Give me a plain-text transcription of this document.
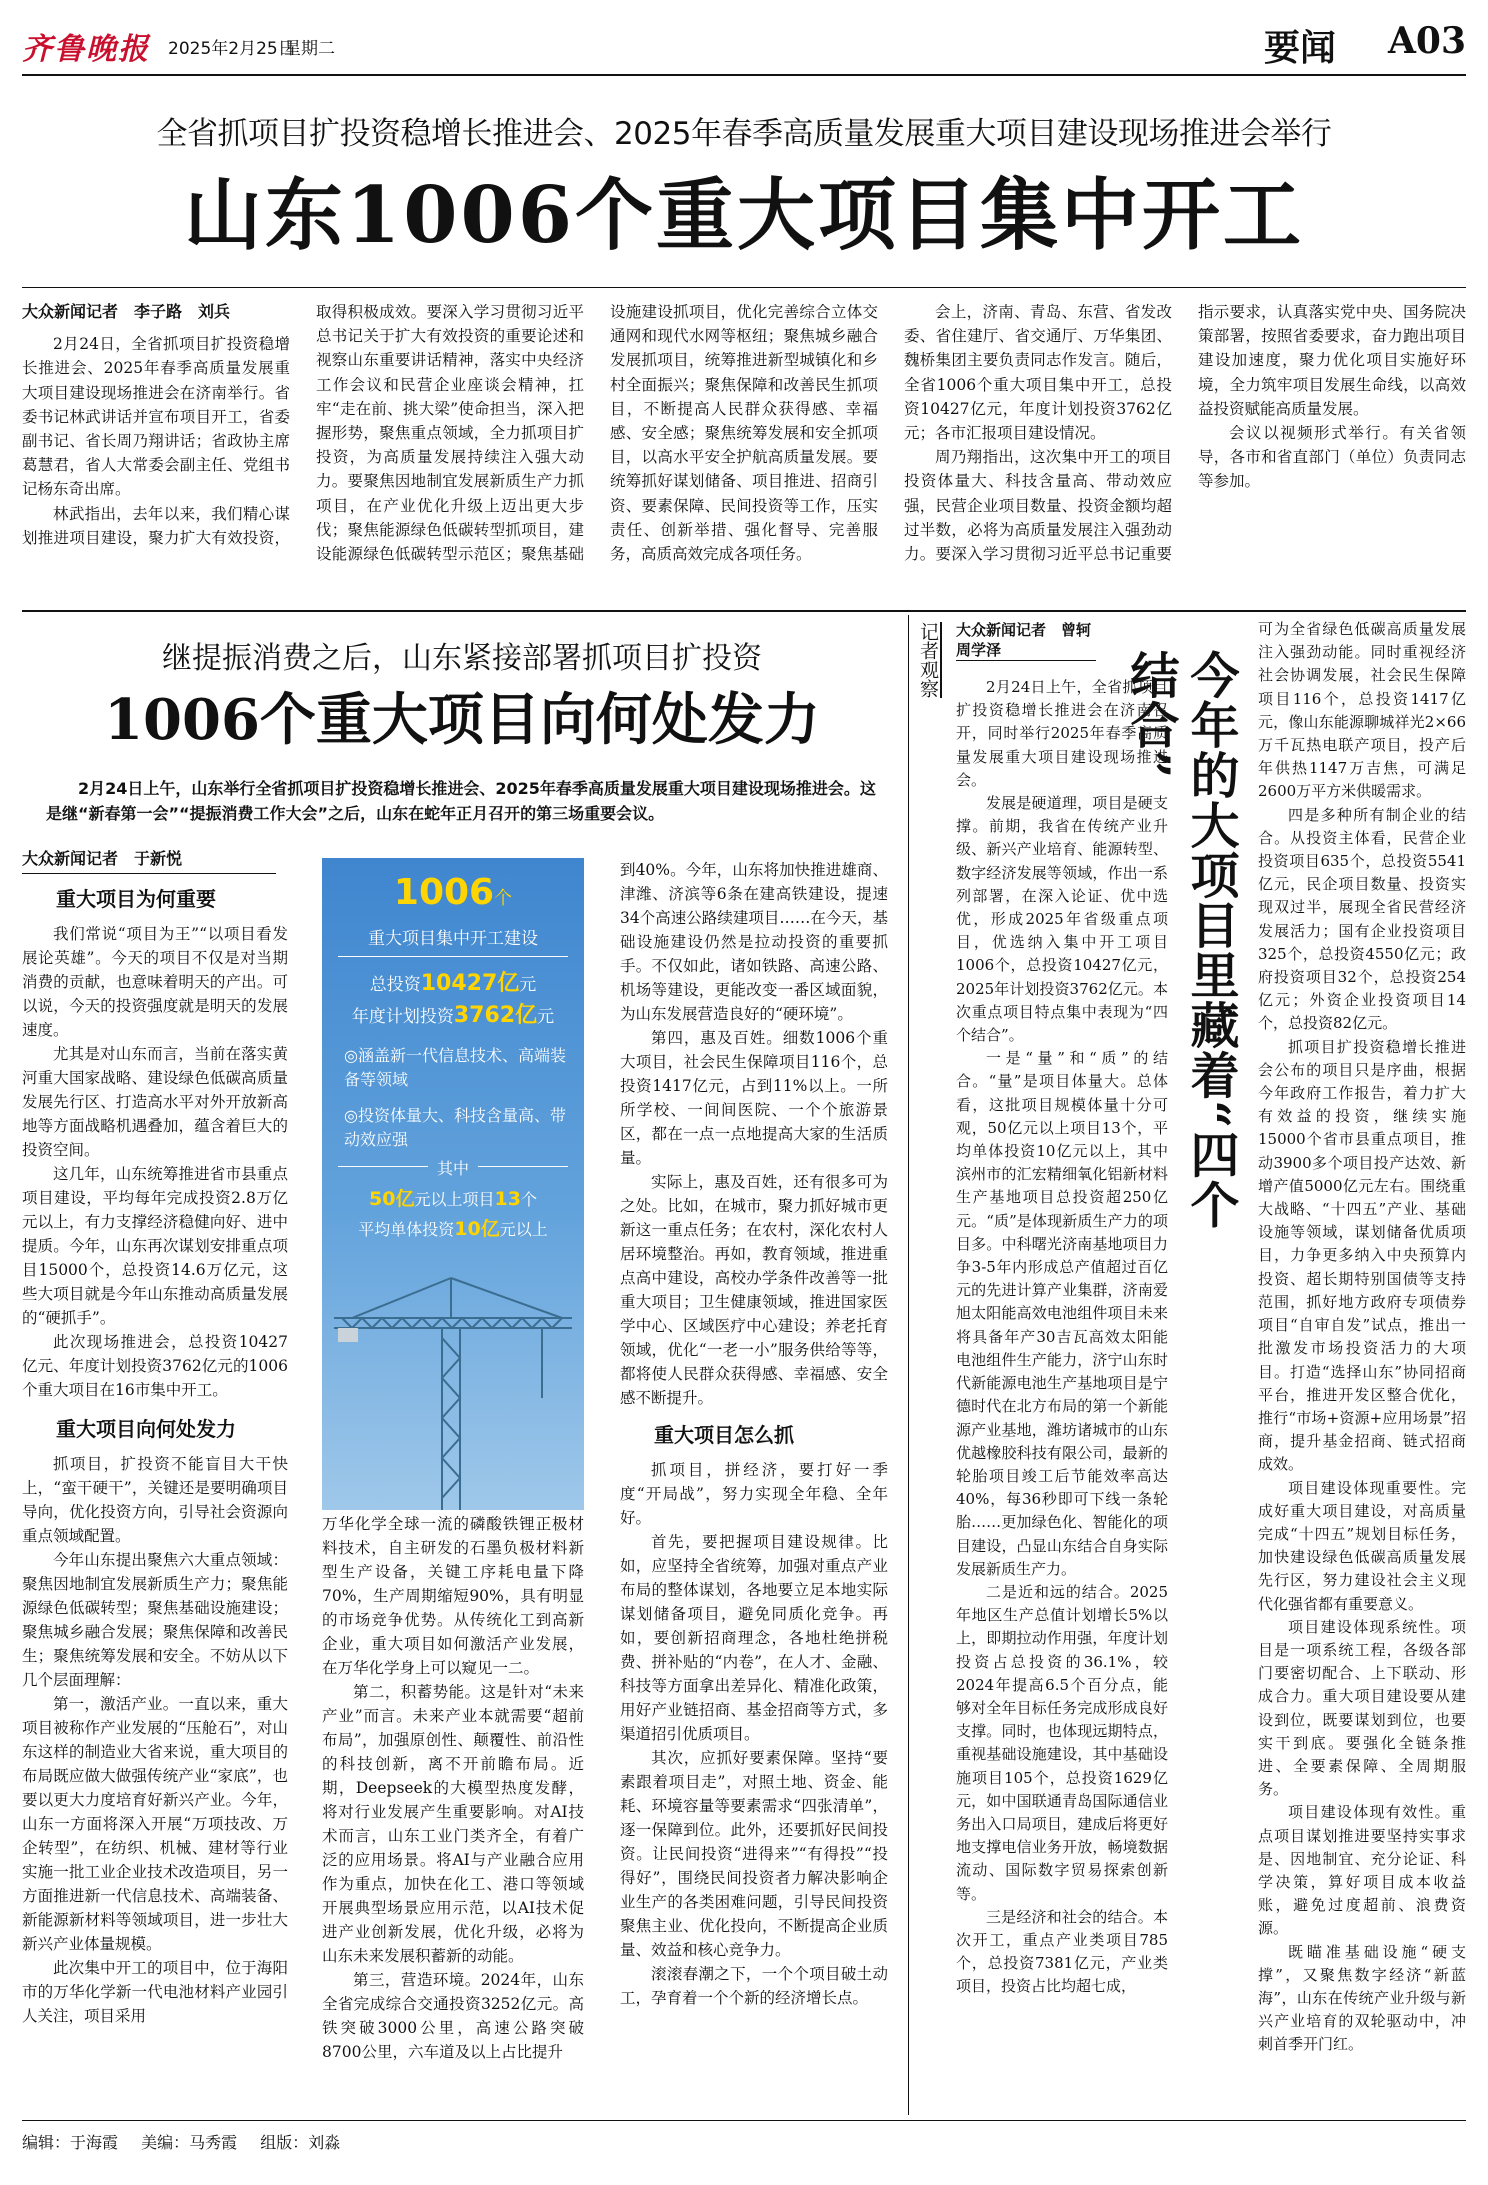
齐鲁晚报 2025年2月25日
星期二	要闻 A03
全省抓项目扩投资稳增长推进会、2025年春季高质量发展重大项目建设现场推进会举行
山东1006个重大项目集中开工

大众新闻记者　李子路　刘兵

2月24日，全省抓项目扩投资稳增长推进会、2025年春季高质量发展重大项目建设现场推进会在济南举行。省委书记林武讲话并宣布项目开工，省委副书记、省长周乃翔讲话；省政协主席葛慧君，省人大常委会副主任、党组书记杨东奇出席。

林武指出，去年以来，我们精心谋划推进项目建设，聚力扩大有效投资，取得积极成效。要深入学习贯彻习近平总书记关于扩大有效投资的重要论述和视察山东重要讲话精神，落实中央经济工作会议和民营企业座谈会精神，扛牢“走在前、挑大梁”使命担当，深入把握形势，聚焦重点领域，全力抓项目扩投资，为高质量发展持续注入强大动力。要聚焦因地制宜发展新质生产力抓项目，在产业优化升级上迈出更大步伐；聚焦能源绿色低碳转型抓项目，建设能源绿色低碳转型示范区；聚焦基础设施建设抓项目，优化完善综合立体交通网和现代水网等枢纽；聚焦城乡融合发展抓项目，统筹推进新型城镇化和乡村全面振兴；聚焦保障和改善民生抓项目，不断提高人民群众获得感、幸福感、安全感；聚焦统筹发展和安全抓项目，以高水平安全护航高质量发展。要统筹抓好谋划储备、项目推进、招商引资、要素保障、民间投资等工作，压实责任、创新举措、强化督导、完善服务，高质高效完成各项任务。

会上，济南、青岛、东营、省发改委、省住建厅、省交通厅、万华集团、魏桥集团主要负责同志作发言。随后，全省1006个重大项目集中开工，总投资10427亿元，年度计划投资3762亿元；各市汇报项目建设情况。

周乃翔指出，这次集中开工的项目投资体量大、科技含量高、带动效应强，民营企业项目数量、投资金额均超过半数，必将为高质量发展注入强劲动力。要深入学习贯彻习近平总书记重要指示要求，认真落实党中央、国务院决策部署，按照省委要求，奋力跑出项目建设加速度，聚力优化项目实施好环境，全力筑牢项目发展生命线，以高效益投资赋能高质量发展。

会议以视频形式举行。有关省领导，各市和省直部门（单位）负责同志等参加。

继提振消费之后，山东紧接部署抓项目扩投资
1006个重大项目向何处发力
2月24日上午，山东举行全省抓项目扩投资稳增长推进会、2025年春季高质量发展重大项目建设现场推进会。这是继“新春第一会”“提振消费工作大会”之后，山东在蛇年正月召开的第三场重要会议。
大众新闻记者　于新悦
重大项目为何重要

我们常说“项目为王”“以项目看发展论英雄”。今天的项目不仅是对当期消费的贡献，也意味着明天的产出。可以说，今天的投资强度就是明天的发展速度。

尤其是对山东而言，当前在落实黄河重大国家战略、建设绿色低碳高质量发展先行区、打造高水平对外开放新高地等方面战略机遇叠加，蕴含着巨大的投资空间。

这几年，山东统筹推进省市县重点项目建设，平均每年完成投资2.8万亿元以上，有力支撑经济稳健向好、进中提质。今年，山东再次谋划安排重点项目15000个，总投资14.6万亿元，这些大项目就是今年山东推动高质量发展的“硬抓手”。

此次现场推进会，总投资10427亿元、年度计划投资3762亿元的1006个重大项目在16市集中开工。

重大项目向何处发力

抓项目，扩投资不能盲目大干快上，“蛮干硬干”，关键还是要明确项目导向，优化投资方向，引导社会资源向重点领域配置。

今年山东提出聚焦六大重点领域：聚焦因地制宜发展新质生产力；聚焦能源绿色低碳转型；聚焦基础设施建设；聚焦城乡融合发展；聚焦保障和改善民生；聚焦统筹发展和安全。不妨从以下几个层面理解：

第一，激活产业。一直以来，重大项目被称作产业发展的“压舱石”，对山东这样的制造业大省来说，重大项目的布局既应做大做强传统产业“家底”，也要以更大力度培育好新兴产业。今年，山东一方面将深入开展“万项技改、万企转型”，在纺织、机械、建材等行业实施一批工业企业技术改造项目，另一方面推进新一代信息技术、高端装备、新能源新材料等领域项目，进一步壮大新兴产业体量规模。

此次集中开工的项目中，位于海阳市的万华化学新一代电池材料产业园引人关注，项目采用

1006个
重大项目集中开工建设
总投资10427亿元
年度计划投资3762亿元
◎涵盖新一代信息技术、高端装备等领域
◎投资体量大、科技含量高、带动效应强
其中
50亿元以上项目13个
平均单体投资10亿元以上

万华化学全球一流的磷酸铁锂正极材料技术，自主研发的石墨负极材料新型生产设备，关键工序耗电量下降70%，生产周期缩短90%，具有明显的市场竞争优势。从传统化工到高新企业，重大项目如何激活产业发展，在万华化学身上可以窥见一二。

第二，积蓄势能。这是针对“未来产业”而言。未来产业本就需要“超前布局”，加强原创性、颠覆性、前沿性的科技创新，离不开前瞻布局。近期，Deepseek的大模型热度发酵，将对行业发展产生重要影响。对AI技术而言，山东工业门类齐全，有着广泛的应用场景。将AI与产业融合应用作为重点，加快在化工、港口等领域开展典型场景应用示范，以AI技术促进产业创新发展，优化升级，必将为山东未来发展积蓄新的动能。

第三，营造环境。2024年，山东全省完成综合交通投资3252亿元。高铁突破3000公里，高速公路突破8700公里，六车道及以上占比提升

到40%。今年，山东将加快推进雄商、津潍、济滨等6条在建高铁建设，提速34个高速公路续建项目……在今天，基础设施建设仍然是拉动投资的重要抓手。不仅如此，诸如铁路、高速公路、机场等建设，更能改变一番区域面貌，为山东发展营造良好的“硬环境”。

第四，惠及百姓。细数1006个重大项目，社会民生保障项目116个，总投资1417亿元，占到11%以上。一所所学校、一间间医院、一个个旅游景区，都在一点一点地提高大家的生活质量。

实际上，惠及百姓，还有很多可为之处。比如，在城市，聚力抓好城市更新这一重点任务；在农村，深化农村人居环境整治。再如，教育领域，推进重点高中建设，高校办学条件改善等一批重大项目；卫生健康领域，推进国家医学中心、区域医疗中心建设；养老托育领域，优化“一老一小”服务供给等等，都将使人民群众获得感、幸福感、安全感不断提升。

重大项目怎么抓

抓项目，拼经济，要打好一季度“开局战”，努力实现全年稳、全年好。

首先，要把握项目建设规律。比如，应坚持全省统筹，加强对重点产业布局的整体谋划，各地要立足本地实际谋划储备项目，避免同质化竞争。再如，要创新招商理念，各地杜绝拼税费、拼补贴的“内卷”，在人才、金融、科技等方面拿出差异化、精准化政策，用好产业链招商、基金招商等方式，多渠道招引优质项目。

其次，应抓好要素保障。坚持“要素跟着项目走”，对照土地、资金、能耗、环境容量等要素需求“四张清单”，逐一保障到位。此外，还要抓好民间投资。让民间投资“进得来”“有得投”“投得好”，围绕民间投资者力解决影响企业生产的各类困难问题，引导民间投资聚焦主业、优化投向，不断提高企业质量、效益和核心竞争力。

滚滚春潮之下，一个个项目破土动工，孕育着一个个新的经济增长点。

记者观察 大众新闻记者　曾轲　周学泽

2月24日上午，全省抓项目扩投资稳增长推进会在济南召开，同时举行2025年春季高质量发展重大项目建设现场推进会。

发展是硬道理，项目是硬支撑。前期，我省在传统产业升级、新兴产业培育、能源转型、数字经济发展等领域，作出一系列部署，在深入论证、优中选优，形成2025年省级重点项目，优选纳入集中开工项目1006个，总投资10427亿元，2025年计划投资3762亿元。本次重点项目特点集中表现为“四个结合”。

一是“量”和“质”的结合。“量”是项目体量大。总体看，这批项目规模体量十分可观，50亿元以上项目13个，平均单体投资10亿元以上，其中滨州市的汇宏精细氧化铝新材料生产基地项目总投资超250亿元。“质”是体现新质生产力的项目多。中科曙光济南基地项目力争3-5年内形成总产值超过百亿元的先进计算产业集群，济南爱旭太阳能高效电池组件项目未来将具备年产30吉瓦高效太阳能电池组件生产能力，济宁山东时代新能源电池生产基地项目是宁德时代在北方布局的第一个新能源产业基地，潍坊诸城市的山东优越橡胶科技有限公司，最新的轮胎项目竣工后节能效率高达40%，每36秒即可下线一条轮胎……更加绿色化、智能化的项目建设，凸显山东结合自身实际发展新质生产力。

二是近和远的结合。2025年地区生产总值计划增长5%以上，即期拉动作用强，年度计划投资占总投资的36.1%，较2024年提高6.5个百分点，能够对全年目标任务完成形成良好支撑。同时，也体现远期特点，重视基础设施建设，其中基础设施项目105个，总投资1629亿元，如中国联通青岛国际通信业务出入口局项目，建成后将更好地支撑电信业务开放，畅境数据流动、国际数字贸易探索创新等。

三是经济和社会的结合。本次开工，重点产业类项目785个，总投资7381亿元，产业类项目，投资占比均超七成，

今年的大项目里藏着“四个结合”

可为全省绿色低碳高质量发展注入强劲动能。同时重视经济社会协调发展，社会民生保障项目116个，总投资1417亿元，像山东能源聊城祥光2×66万千瓦热电联产项目，投产后年供热1147万吉焦，可满足2600万平方米供暖需求。

四是多种所有制企业的结合。从投资主体看，民营企业投资项目635个，总投资5541亿元，民企项目数量、投资实现双过半，展现全省民营经济发展活力；国有企业投资项目325个，总投资4550亿元；政府投资项目32个，总投资254亿元；外资企业投资项目14个，总投资82亿元。

抓项目扩投资稳增长推进会公布的项目只是序曲，根据今年政府工作报告，着力扩大有效益的投资，继续实施15000个省市县重点项目，推动3900多个项目投产达效、新增产值5000亿元左右。围绕重大战略、“十四五”产业、基础设施等领域，谋划储备优质项目，力争更多纳入中央预算内投资、超长期特别国债等支持范围，抓好地方政府专项债券项目“自审自发”试点，推出一批激发市场投资活力的大项目。打造“选择山东”协同招商平台，推进开发区整合优化，推行“市场+资源+应用场景”招商，提升基金招商、链式招商成效。

项目建设体现重要性。完成好重大项目建设，对高质量完成“十四五”规划目标任务，加快建设绿色低碳高质量发展先行区，努力建设社会主义现代化强省都有重要意义。

项目建设体现系统性。项目是一项系统工程，各级各部门要密切配合、上下联动、形成合力。重大项目建设要从建设到位，既要谋划到位，也要实干到底。要强化全链条推进、全要素保障、全周期服务。

项目建设体现有效性。重点项目谋划推进要坚持实事求是、因地制宜、充分论证、科学决策，算好项目成本收益账，避免过度超前、浪费资源。

既瞄准基础设施“硬支撑”，又聚焦数字经济“新蓝海”，山东在传统产业升级与新兴产业培育的双轮驱动中，冲刺首季开门红。

编辑：于海霞 美编：马秀霞 组版：刘淼
